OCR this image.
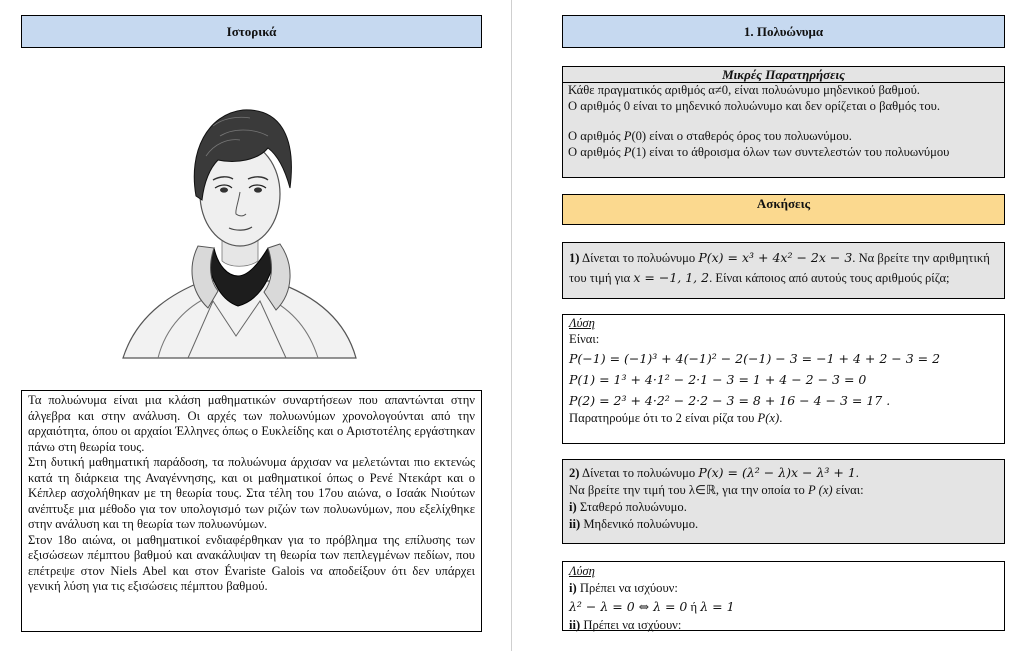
Ιστορικά

Τα πολυώνυμα είναι μια κλάση μαθηματικών συναρτήσεων που απαντώνται στην άλγεβρα και στην ανάλυση. Οι αρχές των πολυωνύμων χρονολογούνται από την αρχαιότητα, όπου οι αρχαίοι Έλληνες όπως ο Ευκλείδης και ο Αριστοτέλης εργάστηκαν πάνω στη θεωρία τους.

Στη δυτική μαθηματική παράδοση, τα πολυώνυμα άρχισαν να μελετώνται πιο εκτενώς κατά τη διάρκεια της Αναγέννησης, και οι μαθηματικοί όπως ο Ρενέ Ντεκάρτ και ο Κέπλερ ασχολήθηκαν με τη θεωρία τους. Στα τέλη του 17ου αιώνα, ο Ισαάκ Νιούτων ανέπτυξε μια μέθοδο για τον υπολογισμό των ριζών των πολυωνύμων, που εξελίχθηκε στην ανάλυση και τη θεωρία των πολυωνύμων.

Στον 18ο αιώνα, οι μαθηματικοί ενδιαφέρθηκαν για το πρόβλημα της επίλυσης των εξισώσεων πέμπτου βαθμού και ανακάλυψαν τη θεωρία των πεπλεγμένων πεδίων, που επέτρεψε στον Niels Abel και στον Évariste Galois να αποδείξουν ότι δεν υπάρχει γενική λύση για τις εξισώσεις πέμπτου βαθμού.

1. Πολυώνυμα
Μικρές Παρατηρήσεις

Κάθε πραγματικός αριθμός α≠0, είναι πολυώνυμο μηδενικού βαθμού.

Ο αριθμός 0 είναι το μηδενικό πολυώνυμο και δεν ορίζεται ο βαθμός του.

Ο αριθμός P(0) είναι ο σταθερός όρος του πολυωνύμου.

Ο αριθμός P(1) είναι το άθροισμα όλων των συντελεστών του πολυωνύμου

Ασκήσεις
1) Δίνεται το πολυώνυμο P(x) = x³ + 4x² − 2x − 3. Να βρείτε την αριθμητική του τιμή για x = −1, 1, 2. Είναι κάποιος από αυτούς τους αριθμούς ρίζα;
Λύση
Είναι:
P(−1) = (−1)³ + 4(−1)² − 2(−1) − 3 = −1 + 4 + 2 − 3 = 2
P(1) = 1³ + 4·1² − 2·1 − 3 = 1 + 4 − 2 − 3 = 0
P(2) = 2³ + 4·2² − 2·2 − 3 = 8 + 16 − 4 − 3 = 17 .
Παρατηρούμε ότι το 2 είναι ρίζα του P(x).
2) Δίνεται το πολυώνυμο P(x) = (λ² − λ)x − λ³ + 1.
Να βρείτε την τιμή του λ∈ℝ, για την οποία το P (x) είναι:
i) Σταθερό πολυώνυμο.
ii) Μηδενικό πολυώνυμο.
Λύση
i) Πρέπει να ισχύουν:
λ² − λ = 0 ⇔ λ = 0 ή λ = 1
ii) Πρέπει να ισχύουν:
